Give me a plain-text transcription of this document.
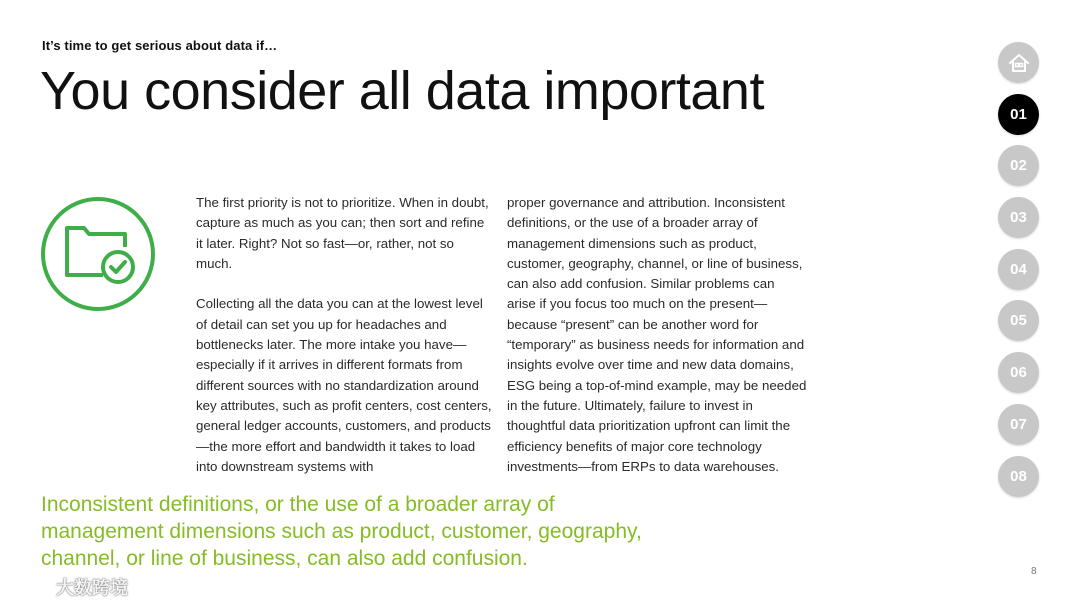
It’s time to get serious about data if…
You consider all data important

The first priority is not to prioritize. When in doubt, capture as much as you can; then sort and refine it later. Right? Not so fast—or, rather, not so much.

Collecting all the data you can at the lowest level of detail can set you up for headaches and bottlenecks later. The more intake you have—especially if it arrives in different formats from different sources with no standardization around key attributes, such as profit centers, cost centers, general ledger accounts, customers, and products—the more effort and bandwidth it takes to load into downstream systems with

proper governance and attribution. Inconsistent definitions, or the use of a broader array of management dimensions such as product, customer, geography, channel, or line of business, can also add confusion. Similar problems can arise if you focus too much on the present—because “present” can be another word for “temporary” as business needs for information and insights evolve over time and new data domains, ESG being a top-of-mind example, may be needed in the future. Ultimately, failure to invest in thoughtful data prioritization upfront can limit the efficiency benefits of major core technology investments—from ERPs to data warehouses.

Inconsistent definitions, or the use of a broader array of
management dimensions such as product, customer, geography,
channel, or line of business, can also add confusion.
01
02
03
04
05
06
07
08
8
大数跨境
